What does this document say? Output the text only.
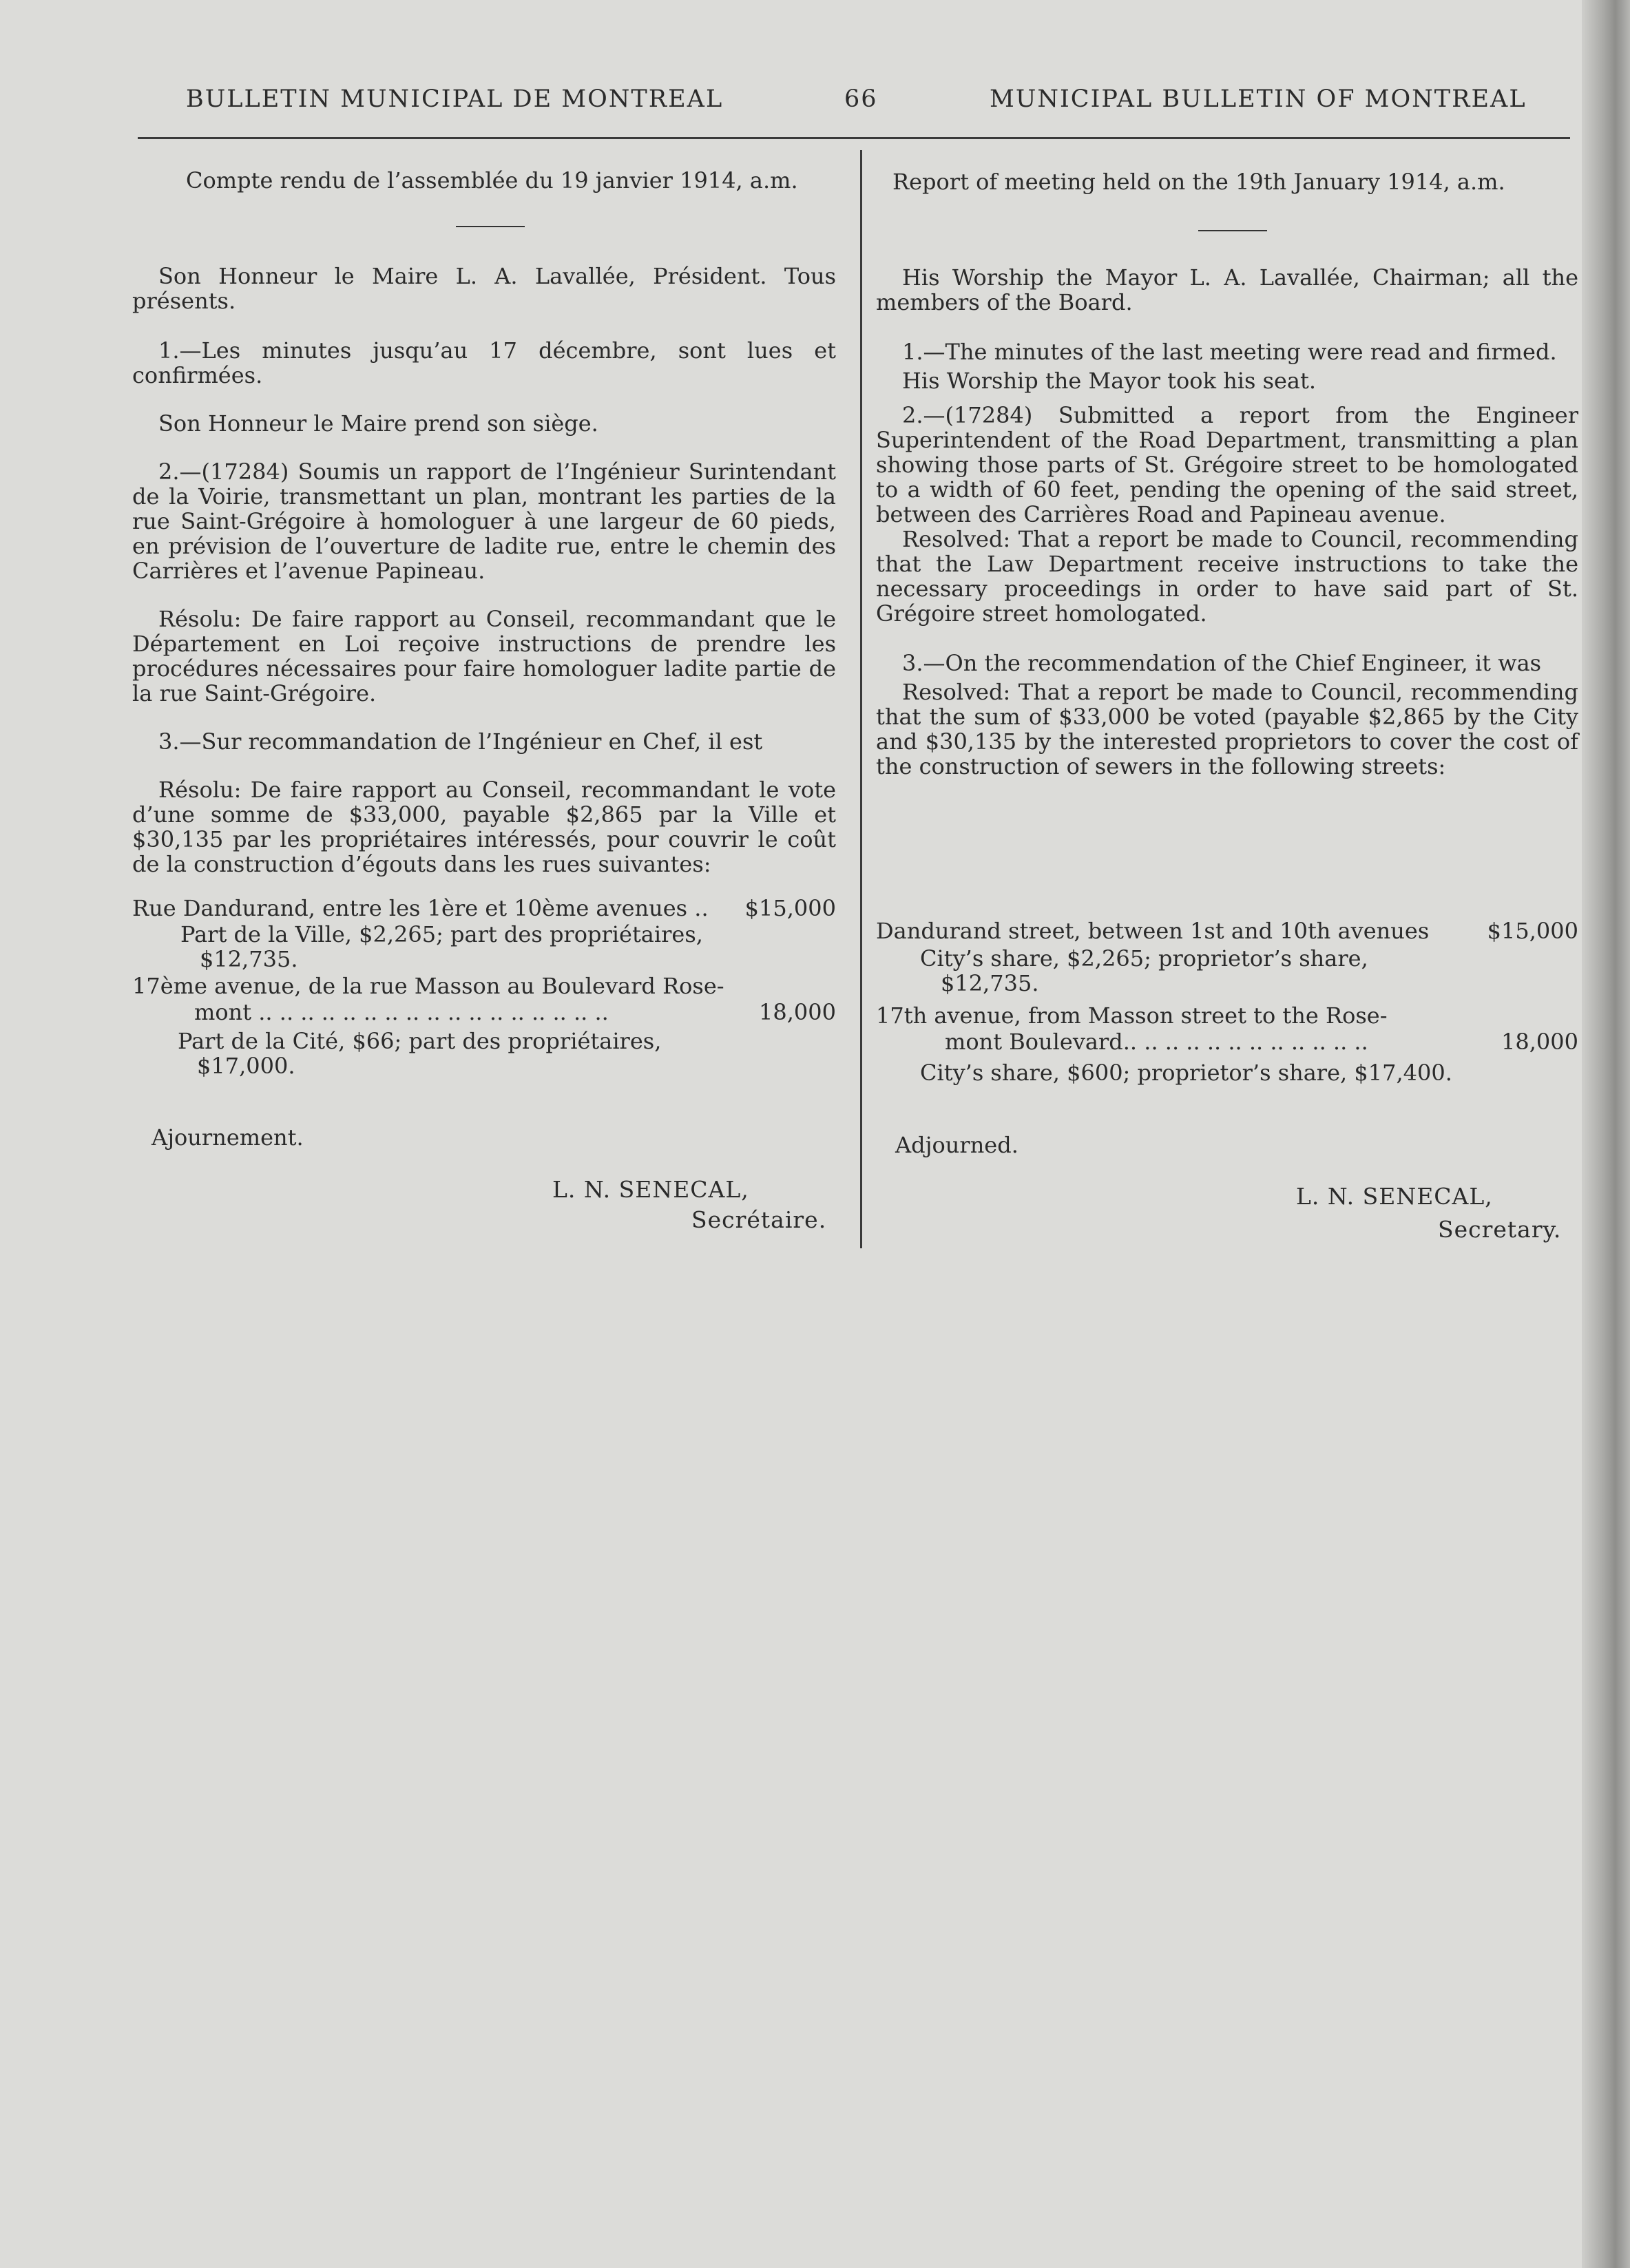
BULLETIN MUNICIPAL DE MONTREAL	66	MUNICIPAL BULLETIN OF MONTREAL
Compte rendu de l’assemblée du 19 janvier 1914, a.m.

Son Honneur le Maire L. A. Lavallée, Président. Tous présents.

1.—Les minutes jusqu’au 17 décembre, sont lues et confirmées.

Son Honneur le Maire prend son siège.

2.—(17284) Soumis un rapport de l’Ingénieur Surintendant de la Voirie, transmettant un plan, montrant les parties de la rue Saint-Grégoire à homologuer à une largeur de 60 pieds, en prévision de l’ouverture de ladite rue, entre le chemin des Carrières et l’avenue Papineau.

Résolu: De faire rapport au Conseil, recommandant que le Département en Loi reçoive instructions de prendre les procédures nécessaires pour faire homologuer ladite partie de la rue Saint-Grégoire.

3.—Sur recommandation de l’Ingénieur en Chef, il est

Résolu: De faire rapport au Conseil, recommandant le vote d’une somme de $33,000, payable $2,865 par la Ville et $30,135 par les propriétaires intéressés, pour couvrir le coût de la construction d’égouts dans les rues suivantes:

Rue Dandurand, entre les 1ère et 10ème avenues .. $15,000
Part de la Ville, $2,265; part des propriétaires,
$12,735.
17ème avenue, de la rue Masson au Boulevard Rose-
mont .. .. .. .. .. .. .. .. .. .. .. .. .. .. .. .. ..	18,000
Part de la Cité, $66; part des propriétaires,
$17,000.
Ajournement.
L. N. SENECAL,
Secrétaire.
Report of meeting held on the 19th January 1914, a.m.

His Worship the Mayor L. A. Lavallée, Chairman; all the members of the Board.

1.—The minutes of the last meeting were read and firmed.

His Worship the Mayor took his seat.

2.—(17284) Submitted a report from the Engineer Superintendent of the Road Department, transmitting a plan showing those parts of St. Grégoire street to be homologated to a width of 60 feet, pending the opening of the said street, between des Carrières Road and Papineau avenue.

Resolved: That a report be made to Council, recommending that the Law Department receive instructions to take the necessary proceedings in order to have said part of St. Grégoire street homologated.

3.—On the recommendation of the Chief Engineer, it was

Resolved: That a report be made to Council, recommending that the sum of $33,000 be voted (payable $2,865 by the City and $30,135 by the interested proprietors to cover the cost of the construction of sewers in the following streets:

Dandurand street, between 1st and 10th avenues	$15,000
City’s share, $2,265; proprietor’s share,
$12,735.
17th avenue, from Masson street to the Rose-
mont Boulevard.. .. .. .. .. .. .. .. .. .. .. ..	18,000
City’s share, $600; proprietor’s share, $17,400.
Adjourned.
L. N. SENECAL,
Secretary.
